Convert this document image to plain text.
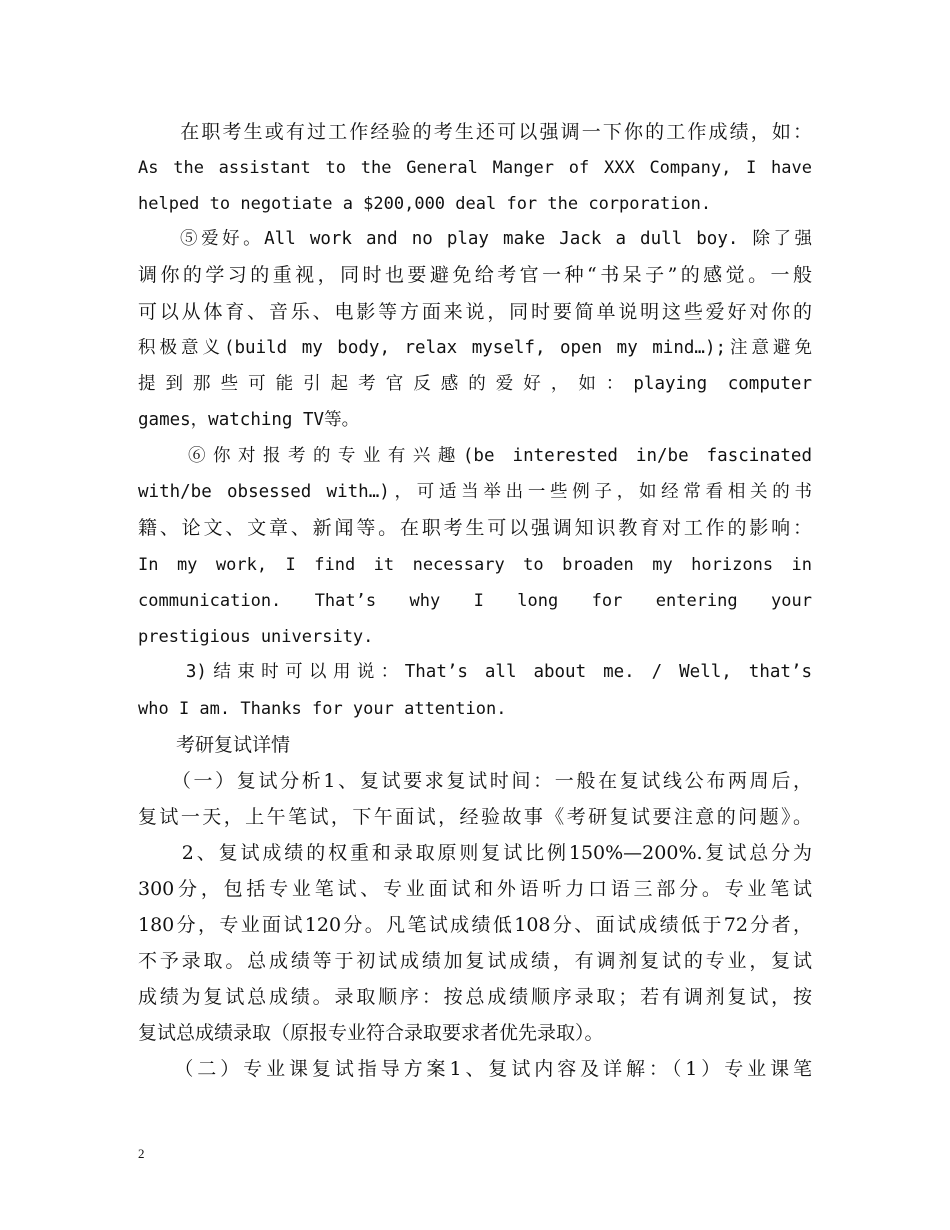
　　在职考生或有过工作经验的考生还可以强调一下你的工作成绩，如：
As the assistant to the General Manger of XXX Company, I have
helped to negotiate a $200,000 deal for the corporation.
　　⑤爱好。All work and no play make Jack a dull boy. 除了强
调你的学习的重视，同时也要避免给考官一种“书呆子”的感觉。一般
可以从体育、音乐、电影等方面来说，同时要简单说明这些爱好对你的
积极意义(build my body, relax myself, open my mind…);注意避免
提到那些可能引起考官反感的爱好，如：playing computer
games，watching TV等。
　　⑥你对报考的专业有兴趣(be interested in/be fascinated
with/be obsessed with…)，可适当举出一些例子，如经常看相关的书
籍、论文、文章、新闻等。在职考生可以强调知识教育对工作的影响：
In my work, I find it necessary to broaden my horizons in
communication. That’s why I long for entering your
prestigious university.
　　3)结束时可以用说：That’s all about me. / Well, that’s
who I am. Thanks for your attention.
　　考研复试详情
　　（一）复试分析1、复试要求复试时间：一般在复试线公布两周后，
复试一天，上午笔试，下午面试，经验故事《考研复试要注意的问题》。
　　2、复试成绩的权重和录取原则复试比例150%—200%.复试总分为
300分，包括专业笔试、专业面试和外语听力口语三部分。专业笔试
180分，专业面试120分。凡笔试成绩低108分、面试成绩低于72分者，
不予录取。总成绩等于初试成绩加复试成绩，有调剂复试的专业，复试
成绩为复试总成绩。录取顺序：按总成绩顺序录取；若有调剂复试，按
复试总成绩录取（原报专业符合录取要求者优先录取）。
　　（二）专业课复试指导方案1、复试内容及详解：（1）专业课笔
2
